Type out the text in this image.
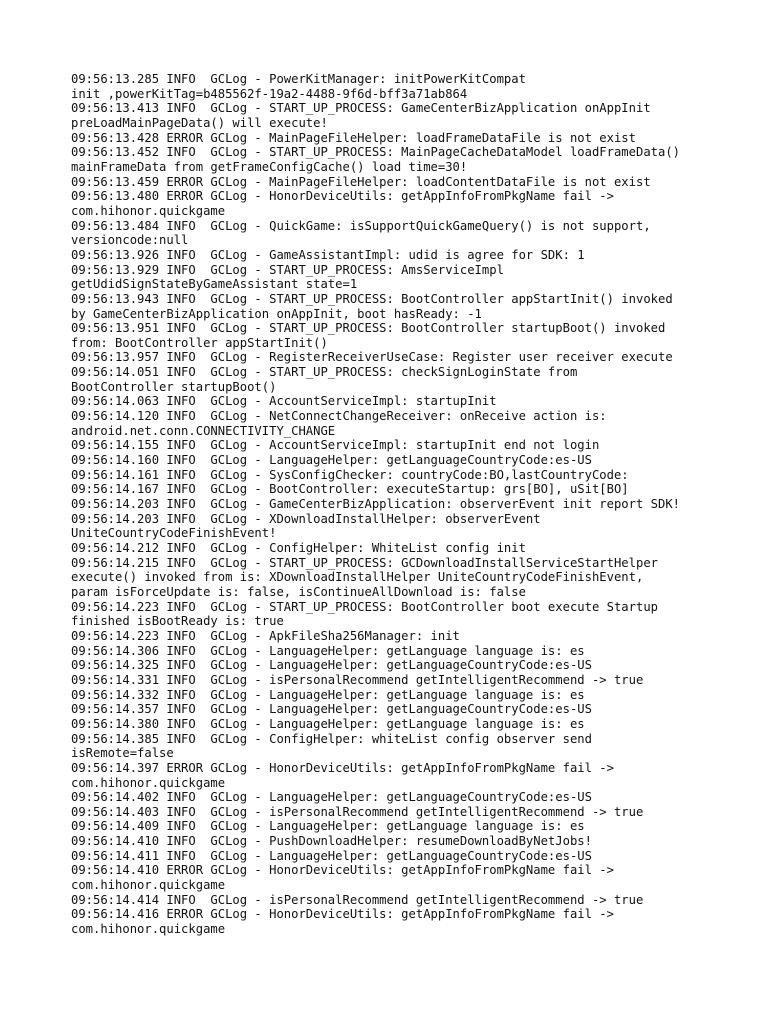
09:56:13.285 INFO  GCLog - PowerKitManager: initPowerKitCompat
init ,powerKitTag=b485562f-19a2-4488-9f6d-bff3a71ab864
09:56:13.413 INFO  GCLog - START_UP_PROCESS: GameCenterBizApplication onAppInit
preLoadMainPageData() will execute!
09:56:13.428 ERROR GCLog - MainPageFileHelper: loadFrameDataFile is not exist
09:56:13.452 INFO  GCLog - START_UP_PROCESS: MainPageCacheDataModel loadFrameData()
mainFrameData from getFrameConfigCache() load time=30!
09:56:13.459 ERROR GCLog - MainPageFileHelper: loadContentDataFile is not exist
09:56:13.480 ERROR GCLog - HonorDeviceUtils: getAppInfoFromPkgName fail ->
com.hihonor.quickgame
09:56:13.484 INFO  GCLog - QuickGame: isSupportQuickGameQuery() is not support,
versioncode:null
09:56:13.926 INFO  GCLog - GameAssistantImpl: udid is agree for SDK: 1
09:56:13.929 INFO  GCLog - START_UP_PROCESS: AmsServiceImpl
getUdidSignStateByGameAssistant state=1
09:56:13.943 INFO  GCLog - START_UP_PROCESS: BootController appStartInit() invoked
by GameCenterBizApplication onAppInit, boot hasReady: -1
09:56:13.951 INFO  GCLog - START_UP_PROCESS: BootController startupBoot() invoked
from: BootController appStartInit()
09:56:13.957 INFO  GCLog - RegisterReceiverUseCase: Register user receiver execute
09:56:14.051 INFO  GCLog - START_UP_PROCESS: checkSignLoginState from
BootController startupBoot()
09:56:14.063 INFO  GCLog - AccountServiceImpl: startupInit
09:56:14.120 INFO  GCLog - NetConnectChangeReceiver: onReceive action is:
android.net.conn.CONNECTIVITY_CHANGE
09:56:14.155 INFO  GCLog - AccountServiceImpl: startupInit end not login
09:56:14.160 INFO  GCLog - LanguageHelper: getLanguageCountryCode:es-US
09:56:14.161 INFO  GCLog - SysConfigChecker: countryCode:BO,lastCountryCode:
09:56:14.167 INFO  GCLog - BootController: executeStartup: grs[BO], uSit[BO]
09:56:14.203 INFO  GCLog - GameCenterBizApplication: observerEvent init report SDK!
09:56:14.203 INFO  GCLog - XDownloadInstallHelper: observerEvent
UniteCountryCodeFinishEvent!
09:56:14.212 INFO  GCLog - ConfigHelper: WhiteList config init
09:56:14.215 INFO  GCLog - START_UP_PROCESS: GCDownloadInstallServiceStartHelper
execute() invoked from is: XDownloadInstallHelper UniteCountryCodeFinishEvent,
param isForceUpdate is: false, isContinueAllDownload is: false
09:56:14.223 INFO  GCLog - START_UP_PROCESS: BootController boot execute Startup
finished isBootReady is: true
09:56:14.223 INFO  GCLog - ApkFileSha256Manager: init
09:56:14.306 INFO  GCLog - LanguageHelper: getLanguage language is: es
09:56:14.325 INFO  GCLog - LanguageHelper: getLanguageCountryCode:es-US
09:56:14.331 INFO  GCLog - isPersonalRecommend getIntelligentRecommend -> true
09:56:14.332 INFO  GCLog - LanguageHelper: getLanguage language is: es
09:56:14.357 INFO  GCLog - LanguageHelper: getLanguageCountryCode:es-US
09:56:14.380 INFO  GCLog - LanguageHelper: getLanguage language is: es
09:56:14.385 INFO  GCLog - ConfigHelper: whiteList config observer send
isRemote=false
09:56:14.397 ERROR GCLog - HonorDeviceUtils: getAppInfoFromPkgName fail ->
com.hihonor.quickgame
09:56:14.402 INFO  GCLog - LanguageHelper: getLanguageCountryCode:es-US
09:56:14.403 INFO  GCLog - isPersonalRecommend getIntelligentRecommend -> true
09:56:14.409 INFO  GCLog - LanguageHelper: getLanguage language is: es
09:56:14.410 INFO  GCLog - PushDownloadHelper: resumeDownloadByNetJobs!
09:56:14.411 INFO  GCLog - LanguageHelper: getLanguageCountryCode:es-US
09:56:14.410 ERROR GCLog - HonorDeviceUtils: getAppInfoFromPkgName fail ->
com.hihonor.quickgame
09:56:14.414 INFO  GCLog - isPersonalRecommend getIntelligentRecommend -> true
09:56:14.416 ERROR GCLog - HonorDeviceUtils: getAppInfoFromPkgName fail ->
com.hihonor.quickgame
